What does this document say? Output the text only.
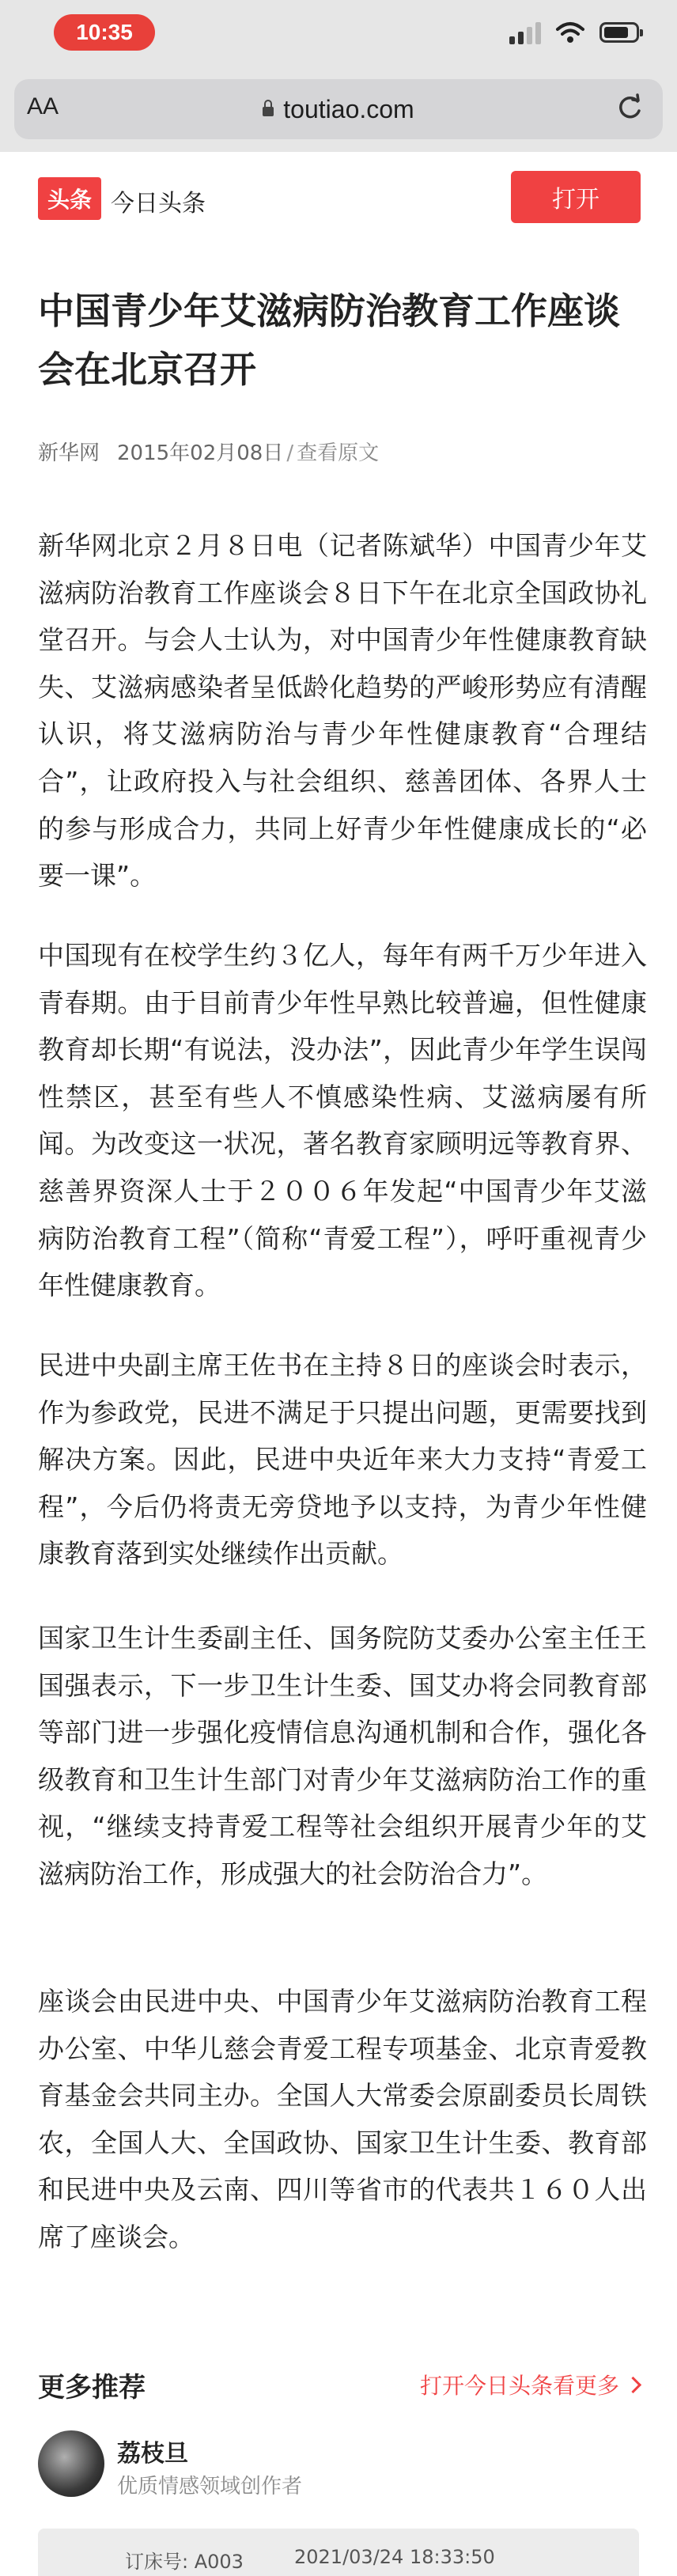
10:35
AA	toutiao.com
头条 今日头条	打开
中国青少年艾滋病防治教育工作座谈会在北京召开
新华网 2015年02月08日 / 查看原文

新华网北京２月８日电（记者陈斌华）中国青少年艾滋病防治教育工作座谈会８日下午在北京全国政协礼堂召开。与会人士认为，对中国青少年性健康教育缺失、艾滋病感染者呈低龄化趋势的严峻形势应有清醒认识，将艾滋病防治与青少年性健康教育“合理结合”，让政府投入与社会组织、慈善团体、各界人士的参与形成合力，共同上好青少年性健康成长的“必要一课”。

中国现有在校学生约３亿人，每年有两千万少年进入青春期。由于目前青少年性早熟比较普遍，但性健康教育却长期“有说法，没办法”，因此青少年学生误闯性禁区，甚至有些人不慎感染性病、艾滋病屡有所闻。为改变这一状况，著名教育家顾明远等教育界、慈善界资深人士于２００６年发起“中国青少年艾滋病防治教育工程”（简称“青爱工程”），呼吁重视青少年性健康教育。

民进中央副主席王佐书在主持８日的座谈会时表示，作为参政党，民进不满足于只提出问题，更需要找到解决方案。因此，民进中央近年来大力支持“青爱工程”，今后仍将责无旁贷地予以支持，为青少年性健康教育落到实处继续作出贡献。

国家卫生计生委副主任、国务院防艾委办公室主任王国强表示，下一步卫生计生委、国艾办将会同教育部等部门进一步强化疫情信息沟通机制和合作，强化各级教育和卫生计生部门对青少年艾滋病防治工作的重视，“继续支持青爱工程等社会组织开展青少年的艾滋病防治工作，形成强大的社会防治合力”。

座谈会由民进中央、中国青少年艾滋病防治教育工程办公室、中华儿慈会青爱工程专项基金、北京青爱教育基金会共同主办。全国人大常委会原副委员长周铁农，全国人大、全国政协、国家卫生计生委、教育部和民进中央及云南、四川等省市的代表共１６０人出席了座谈会。

更多推荐	打开今日头条看更多
荔枝旦
优质情感领域创作者
订床号: A003	2021/03/24 18:33:50
